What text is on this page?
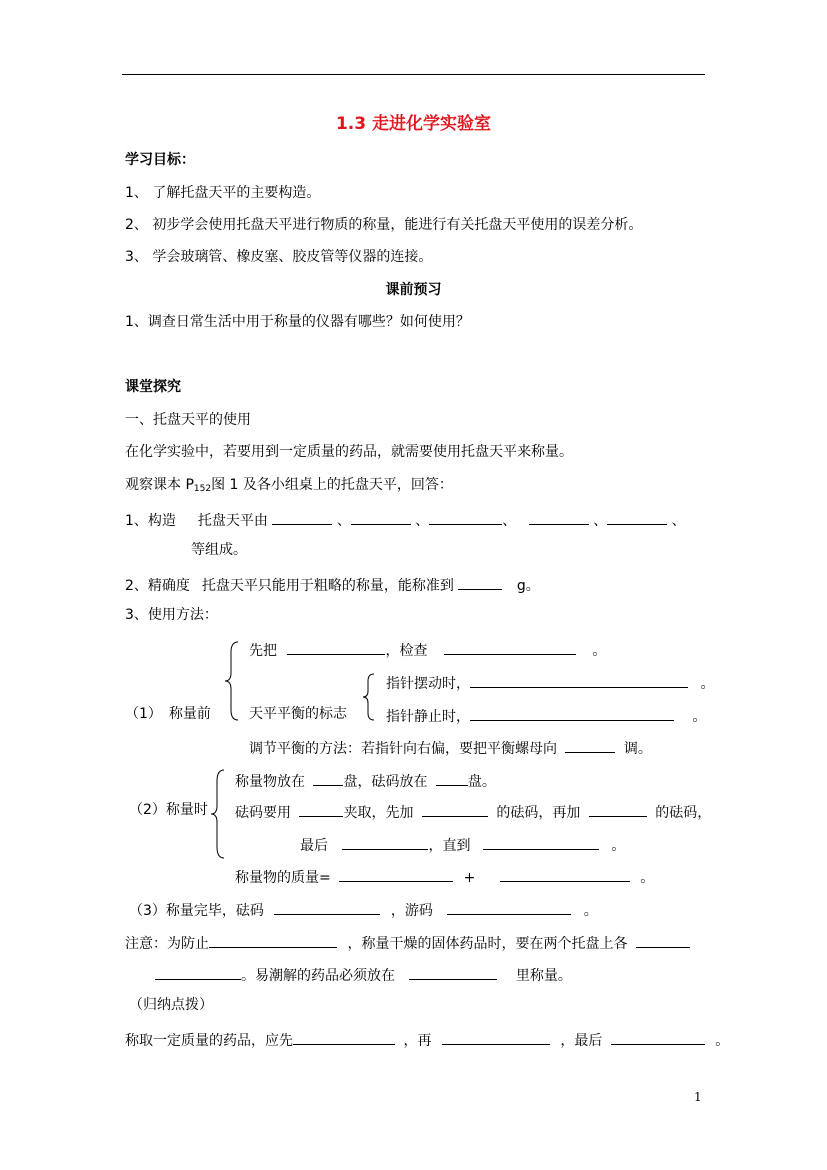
1.3 走进化学实验室
学习目标：
1、 了解托盘天平的主要构造。
2、 初步学会使用托盘天平进行物质的称量，能进行有关托盘天平使用的误差分析。
3、 学会玻璃管、橡皮塞、胶皮管等仪器的连接。
课前预习
1、调查日常生活中用于称量的仪器有哪些？如何使用？
课堂探究
一、托盘天平的使用
在化学实验中，若要用到一定质量的药品，就需要使用托盘天平来称量。
观察课本 $P_{152}$图 1 及各小组桌上的托盘天平，回答：
1、构造 托盘天平由	、	、	、	、	、
等组成。
2、精确度 托盘天平只能用于粗略的称量，能称准到	g。
3、使用方法：
（1）　称量前
先把	，检查	。
天平平衡的标志
指针摆动时，	。
指针静止时，	。
调节平衡的方法：若指针向右偏，要把平衡螺母向	调。
（2）称量时
称量物放在	盘，砝码放在	盘。
砝码要用	夹取，先加	的砝码，再加	的砝码，
最后	，直到	。
称量物的质量=	+	。
（3）称量完毕，砝码	，游码	。
注意：为防止	，称量干燥的固体药品时，要在两个托盘上各
。易潮解的药品必须放在	里称量。
（归纳点拨）
称取一定质量的药品，应先	，再	，最后	。
1
